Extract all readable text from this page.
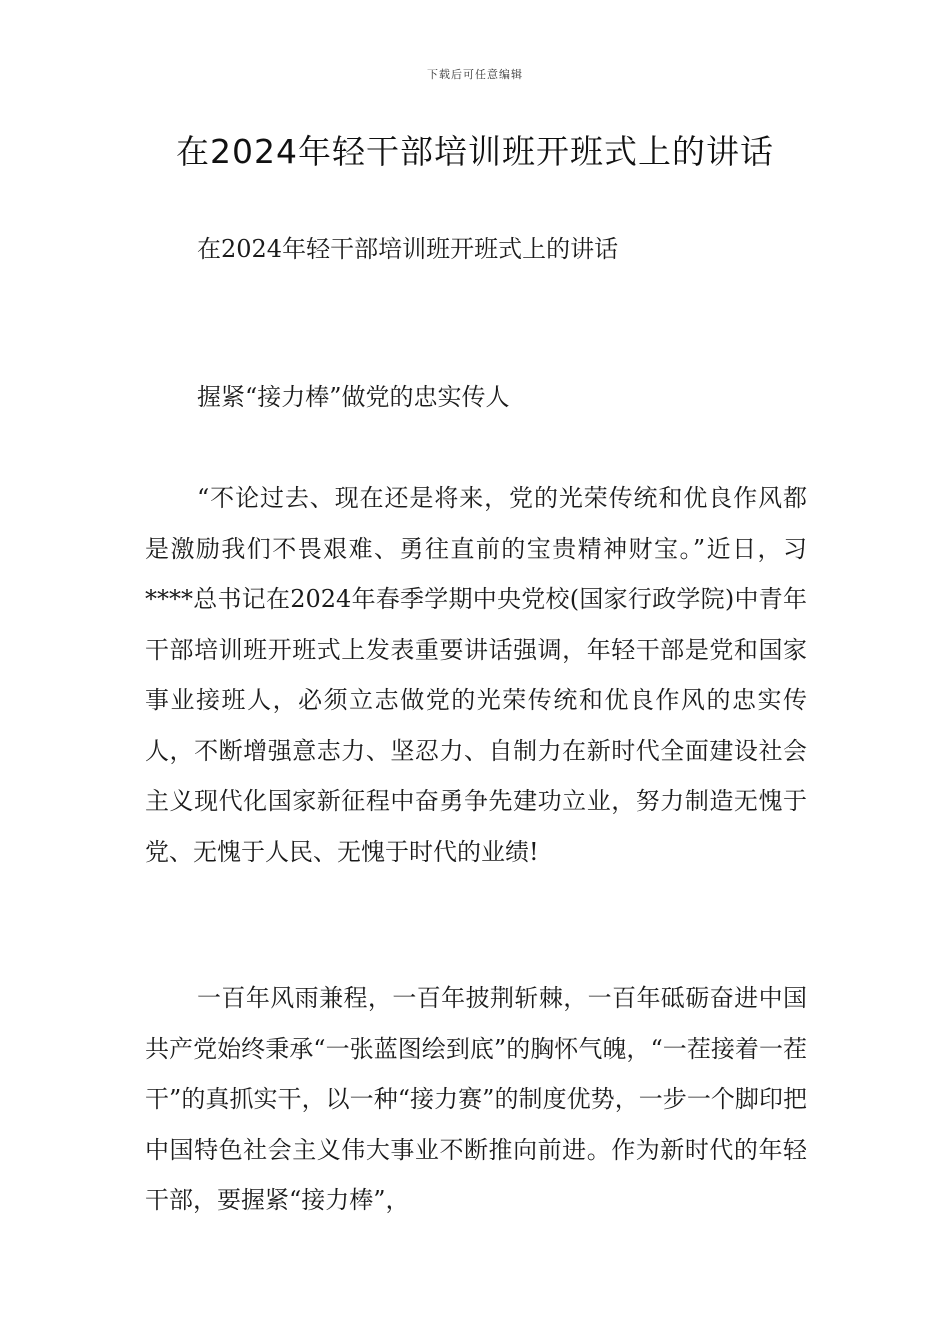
下载后可任意编辑
在2024年轻干部培训班开班式上的讲话

在2024年轻干部培训班开班式上的讲话

握紧“接力棒”做党的忠实传人

“不论过去、现在还是将来，党的光荣传统和优良作风都是激励我们不畏艰难、勇往直前的宝贵精神财宝。”近日，习****总书记在2024年春季学期中央党校(国家行政学院)中青年干部培训班开班式上发表重要讲话强调，年轻干部是党和国家事业接班人，必须立志做党的光荣传统和优良作风的忠实传人，不断增强意志力、坚忍力、自制力在新时代全面建设社会主义现代化国家新征程中奋勇争先建功立业，努力制造无愧于党、无愧于人民、无愧于时代的业绩!

一百年风雨兼程，一百年披荆斩棘，一百年砥砺奋进中国共产党始终秉承“一张蓝图绘到底”的胸怀气魄，“一茬接着一茬干”的真抓实干，以一种“接力赛”的制度优势，一步一个脚印把中国特色社会主义伟大事业不断推向前进。作为新时代的年轻干部，要握紧“接力棒”，
